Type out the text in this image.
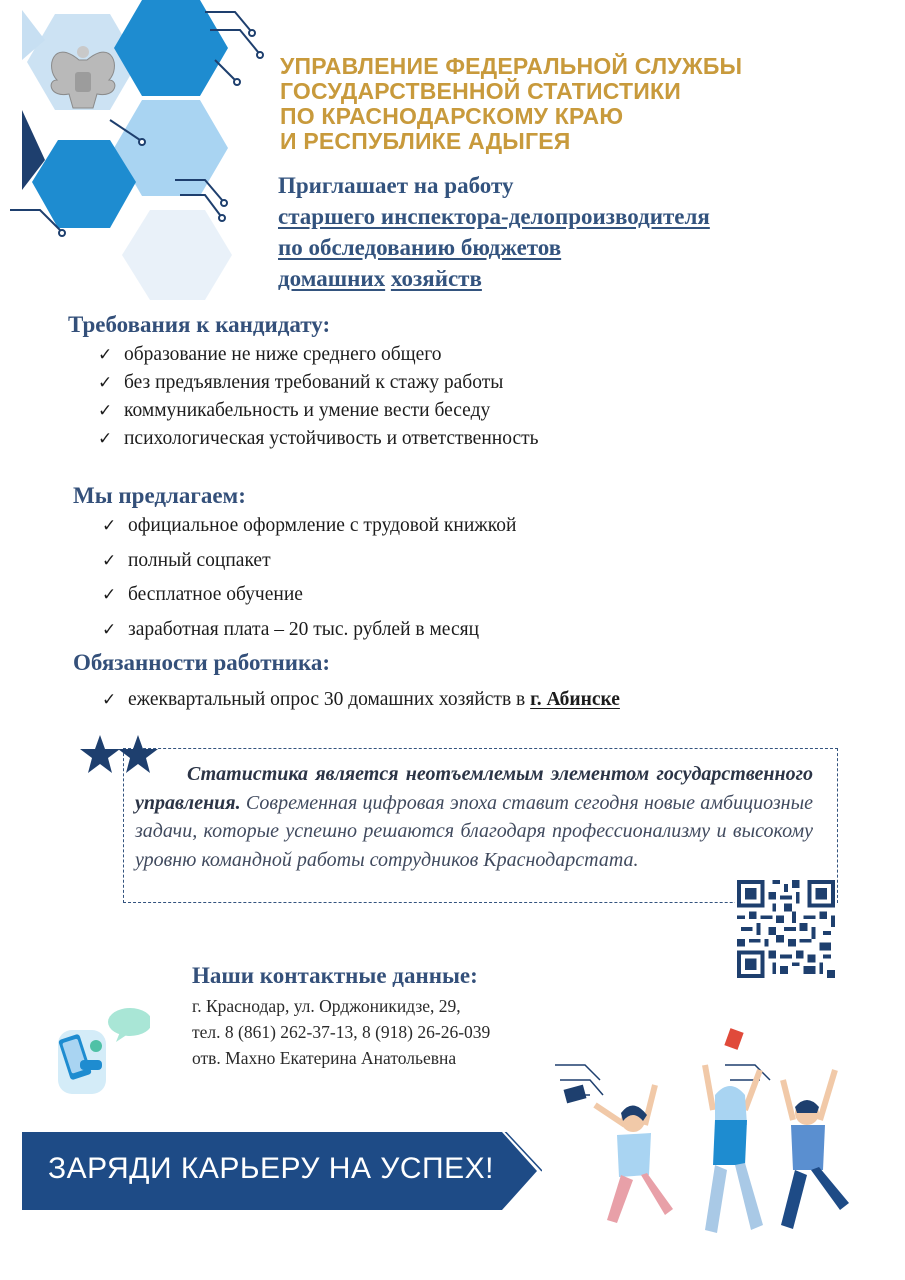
УПРАВЛЕНИЕ ФЕДЕРАЛЬНОЙ СЛУЖБЫ
ГОСУДАРСТВЕННОЙ СТАТИСТИКИ
ПО КРАСНОДАРСКОМУ КРАЮ
И РЕСПУБЛИКЕ АДЫГЕЯ
Приглашает на работу
старшего инспектора-делопроизводителя
по обследованию бюджетов
домашних хозяйств
Требования к кандидату:
✓ образование не ниже среднего общего
✓ без предъявления требований к стажу работы
✓ коммуникабельность и умение вести беседу
✓ психологическая устойчивость и ответственность
Мы предлагаем:
✓ официальное оформление с трудовой книжкой
✓ полный соцпакет
✓ бесплатное обучение
✓ заработная плата – 20 тыс. рублей в месяц
Обязанности работника:
✓ ежеквартальный опрос 30 домашних хозяйств в г. Абинске
Статистика является неотъемлемым элементом государственного управления. Современная цифровая эпоха ставит сегодня новые амбициозные задачи, которые успешно решаются благодаря профессионализму и высокому уровню командной работы сотрудников Краснодарстата.
Наши контактные данные:
г. Краснодар, ул. Орджоникидзе, 29,
тел. 8 (861) 262-37-13, 8 (918) 26-26-039
отв. Махно Екатерина Анатольевна
ЗАРЯДИ КАРЬЕРУ НА УСПЕХ!
